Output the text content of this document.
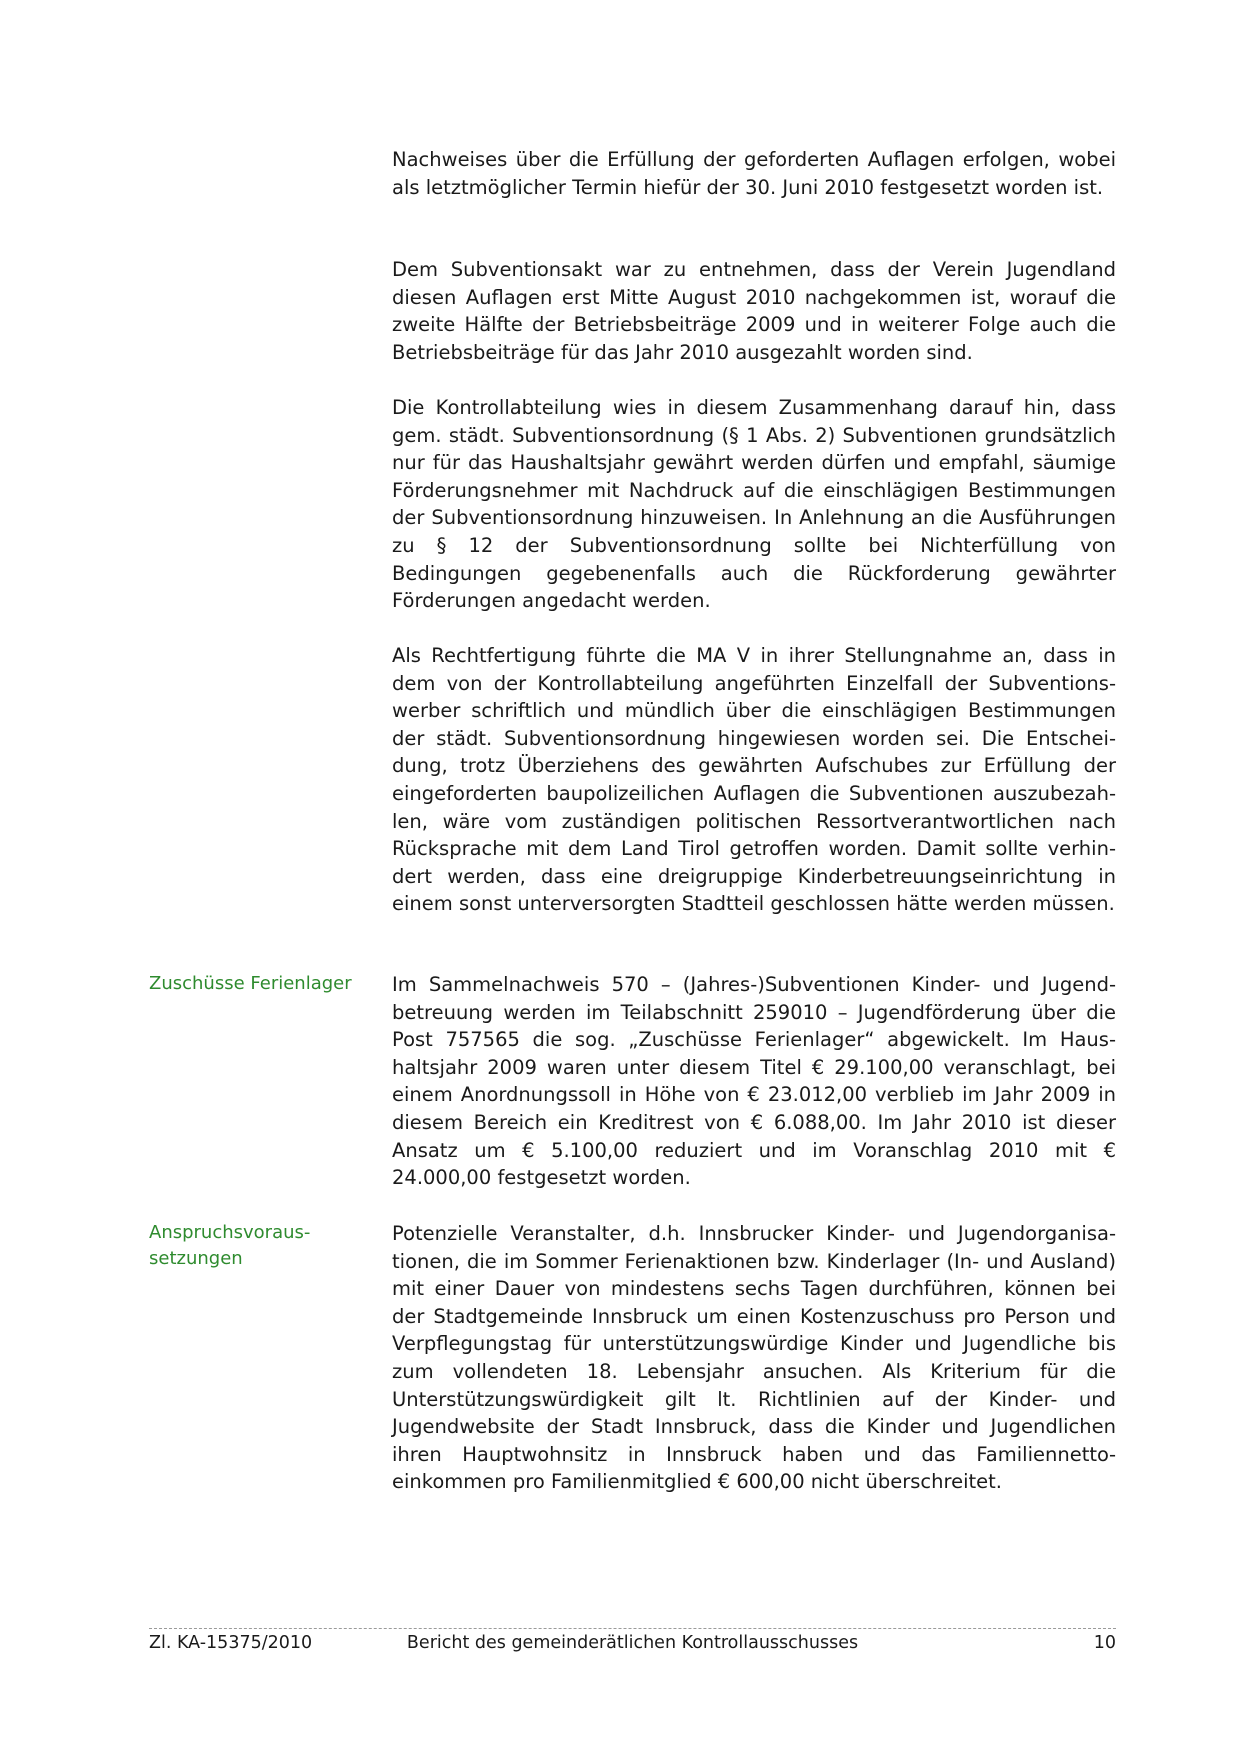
Nachweises über die Erfüllung der geforderten Auflagen erfolgen, wobei als letztmöglicher Termin hiefür der 30. Juni 2010 festgesetzt worden ist.

Dem Subventionsakt war zu entnehmen, dass der Verein Jugendland diesen Auflagen erst Mitte August 2010 nachgekommen ist, worauf die zweite Hälfte der Betriebsbeiträge 2009 und in weiterer Folge auch die Betriebsbeiträge für das Jahr 2010 ausgezahlt worden sind.

Die Kontrollabteilung wies in diesem Zusammenhang darauf hin, dass gem. städt. Subventionsordnung (§ 1 Abs. 2) Subventionen grundsätzlich nur für das Haushaltsjahr gewährt werden dürfen und empfahl, säumige Förderungsnehmer mit Nachdruck auf die einschlägigen Bestimmungen der Subventionsordnung hinzuweisen. In Anlehnung an die Ausführungen zu § 12 der Subventionsordnung sollte bei Nichterfüllung von Bedingungen gegebenenfalls auch die Rückforderung gewährter Förderungen angedacht werden.

Als Rechtfertigung führte die MA V in ihrer Stellungnahme an, dass in dem von der Kontrollabteilung angeführten Einzelfall der Subventionswerber schriftlich und mündlich über die einschlägigen Bestimmungen der städt. Subventionsordnung hingewiesen worden sei. Die Entscheidung, trotz Überziehens des gewährten Aufschubes zur Erfüllung der eingeforderten baupolizeilichen Auflagen die Subventionen auszubezahlen, wäre vom zuständigen politischen Ressortverantwortlichen nach Rücksprache mit dem Land Tirol getroffen worden. Damit sollte verhindert werden, dass eine dreigruppige Kinderbetreuungseinrichtung in einem sonst unterversorgten Stadtteil geschlossen hätte werden müssen.

Zuschüsse Ferienlager	Im Sammelnachweis 570 – (Jahres-)Subventionen Kinder- und Jugendbetreuung werden im Teilabschnitt 259010 – Jugendförderung über die Post 757565 die sog. „Zuschüsse Ferienlager“ abgewickelt. Im Haushaltsjahr 2009 waren unter diesem Titel € 29.100,00 veranschlagt, bei einem Anordnungssoll in Höhe von € 23.012,00 verblieb im Jahr 2009 in diesem Bereich ein Kreditrest von € 6.088,00. Im Jahr 2010 ist dieser Ansatz um € 5.100,00 reduziert und im Voranschlag 2010 mit € 24.000,00 festgesetzt worden.

Anspruchsvoraus-
setzungen

Potenzielle Veranstalter, d.h. Innsbrucker Kinder- und Jugendorganisationen, die im Sommer Ferienaktionen bzw. Kinderlager (In- und Ausland) mit einer Dauer von mindestens sechs Tagen durchführen, können bei der Stadtgemeinde Innsbruck um einen Kostenzuschuss pro Person und Verpflegungstag für unterstützungswürdige Kinder und Jugendliche bis zum vollendeten 18. Lebensjahr ansuchen. Als Kriterium für die Unterstützungswürdigkeit gilt lt. Richtlinien auf der Kinder- und Jugendwebsite der Stadt Innsbruck, dass die Kinder und Jugendlichen ihren Hauptwohnsitz in Innsbruck haben und das Familiennettoeinkommen pro Familienmitglied € 600,00 nicht überschreitet.

Zl. KA-15375/2010	Bericht des gemeinderätlichen Kontrollausschusses	10
